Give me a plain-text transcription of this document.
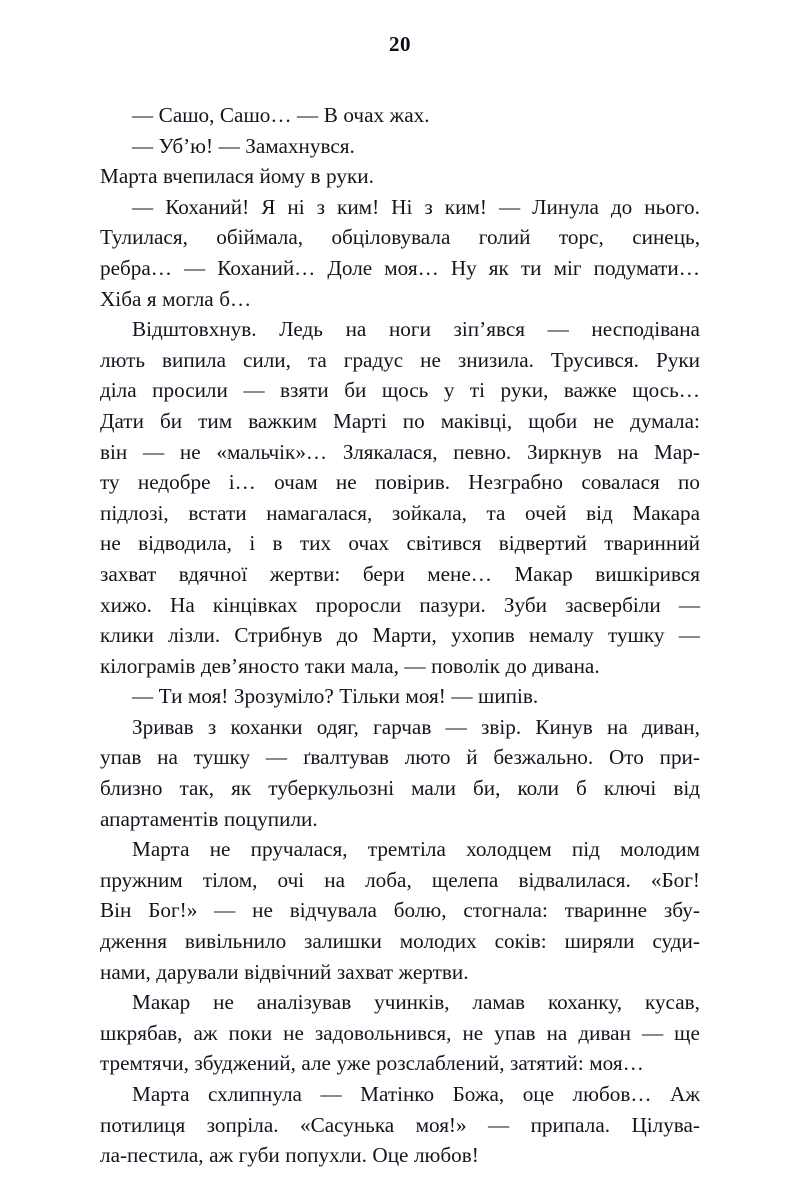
20

— Сашо, Сашо… — В очах жах.

— Уб’ю! — Замахнувся.

Марта вчепилася йому в руки.

— Коханий! Я ні з ким! Ні з ким! — Линула до нього.
Тулилася, обіймала, обціловувала голий торс, синець,
ребра… — Коханий… Доле моя… Ну як ти міг подумати…
Хіба я могла б…

Відштовхнув. Ледь на ноги зіп’явся — несподівана
лють випила сили, та градус не знизила. Трусився. Руки
діла просили — взяти би щось у ті руки, важке щось…
Дати би тим важким Марті по маківці, щоби не думала:
він — не «мальчік»… Злякалася, певно. Зиркнув на Мар-
ту недобре і… очам не повірив. Незграбно совалася по
підлозі, встати намагалася, зойкала, та очей від Макара
не відводила, і в тих очах світився відвертий тваринний
захват вдячної жертви: бери мене… Макар вишкірився
хижо. На кінцівках проросли пазури. Зуби засвербіли —
клики лізли. Стрибнув до Марти, ухопив немалу тушку —
кілограмів дев’яносто таки мала, — поволік до дивана.

— Ти моя! Зрозуміло? Тільки моя! — шипів.

Зривав з коханки одяг, гарчав — звір. Кинув на диван,
упав на тушку — ґвалтував люто й безжально. Ото при-
близно так, як туберкульозні мали би, коли б ключі від
апартаментів поцупили.

Марта не пручалася, тремтіла холодцем під молодим
пружним тілом, очі на лоба, щелепа відвалилася. «Бог!
Він Бог!» — не відчувала болю, стогнала: тваринне збу-
дження вивільнило залишки молодих соків: ширяли суди-
нами, дарували відвічний захват жертви.

Макар не аналізував учинків, ламав коханку, кусав,
шкрябав, аж поки не задовольнився, не упав на диван — ще
тремтячи, збуджений, але уже розслаблений, затятий: моя…

Марта схлипнула — Матінко Божа, оце любов… Аж
потилиця зопріла. «Сасунька моя!» — припала. Цілува-
ла-пестила, аж губи попухли. Оце любов!
